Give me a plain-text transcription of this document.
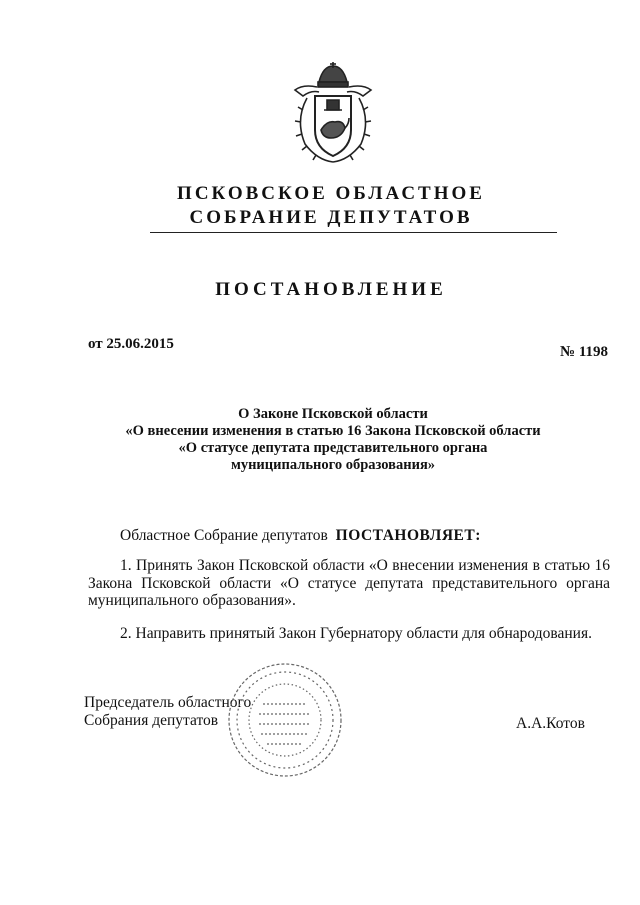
ПСКОВСКОЕ ОБЛАСТНОЕ
СОБРАНИЕ ДЕПУТАТОВ
ПОСТАНОВЛЕНИЕ
от 25.06.2015	№ 1198
О Законе Псковской области
«О внесении изменения в статью 16 Закона Псковской области
«О статусе депутата представительного органа
муниципального образования»
Областное Собрание депутатов ПОСТАНОВЛЯЕТ:
1. Принять Закон Псковской области «О внесении изменения в статью 16 Закона Псковской области «О статусе депутата представительного органа муниципального образования».
2. Направить принятый Закон Губернатору области для обнародования.
Председатель областного
Собрания депутатов	А.А.Котов
